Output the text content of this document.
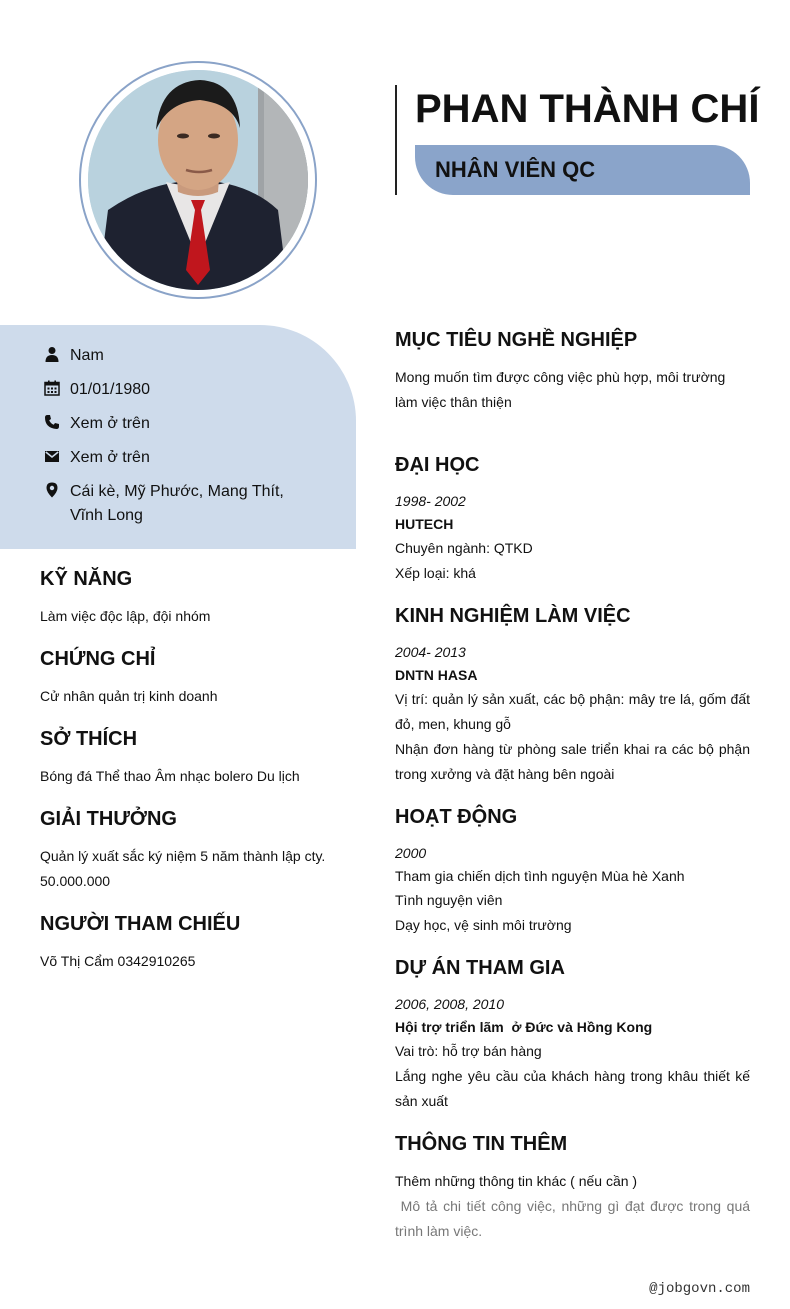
PHAN THÀNH CHÍ
NHÂN VIÊN QC
Nam
01/01/1980
Xem ở trên
Xem ở trên
Cái kè, Mỹ Phước, Mang Thít, Vĩnh Long
KỸ NĂNG
Làm việc độc lập, đội nhóm
CHỨNG CHỈ
Cử nhân quản trị kinh doanh
SỞ THÍCH
Bóng đá Thể thao Âm nhạc bolero Du lịch
GIẢI THƯỞNG
Quản lý xuất sắc ký niệm 5 năm thành lập cty. 50.000.000
NGƯỜI THAM CHIẾU
Võ Thị Cẩm 0342910265
MỤC TIÊU NGHỀ NGHIỆP
Mong muốn tìm được công việc phù hợp, môi trường làm việc thân thiện
ĐẠI HỌC
1998- 2002
HUTECH
Chuyên ngành: QTKD
Xếp loại: khá
KINH NGHIỆM LÀM VIỆC
2004- 2013
DNTN HASA
Vị trí: quản lý sản xuất, các bộ phận: mây tre lá, gốm đất đỏ, men, khung gỗ
Nhận đơn hàng từ phòng sale triển khai ra các bộ phận trong xưởng và đặt hàng bên ngoài
HOẠT ĐỘNG
2000
Tham gia chiến dịch tình nguyện Mùa hè Xanh
Tình nguyện viên
Dạy học, vệ sinh môi trường
DỰ ÁN THAM GIA
2006, 2008, 2010
Hội trợ triển lãm  ở Đức và Hồng Kong
Vai trò: hỗ trợ bán hàng
Lắng nghe yêu cầu của khách hàng trong khâu thiết kế sản xuất
THÔNG TIN THÊM
Thêm những thông tin khác ( nếu cần )
Mô tả chi tiết công việc, những gì đạt được trong quá trình làm việc.
@jobgovn.com
